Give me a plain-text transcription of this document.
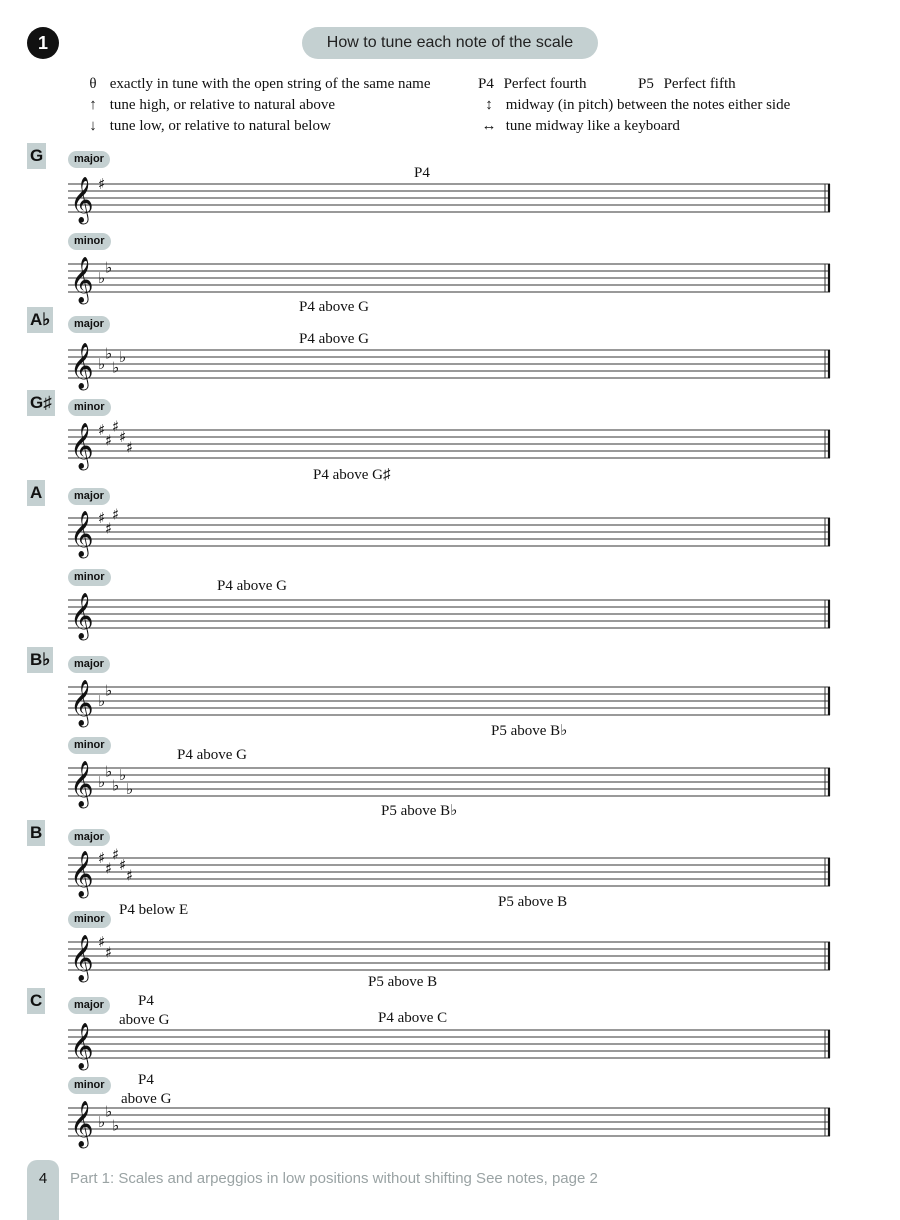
1	How to tune each note of the scale
θ exactly in tune with the open string of the same name
↑ tune high, or relative to natural above
↓ tune low, or relative to natural below
P4 Perfect fourth	P5 Perfect fifth
↕ midway (in pitch) between the notes either side
↔ tune midway like a keyboard
G
A♭
G♯
A
B♭
B
C
major
minor
major
minor
major
minor
major
minor
major
minor
major
minor
𝄞 ♯
𝄞 ♭
♭
𝄞 ♭
♭
♭
♭
𝄞 ♯
♯
♯
♯
♯
𝄞 ♯
♯
♯
𝄞
𝄞 ♭
♭
𝄞 ♭
♭
♭
♭
♭
𝄞 ♯
♯
♯
♯
♯
𝄞 ♯
♯
𝄞
𝄞 ♭
♭
♭
P4
P4 above G
P4 above G
P4 above G♯
P4 above G
P5 above B♭
P4 above G
P5 above B♭
P4 below E	P5 above B
P5 above B
P4
above G	P4 above C
P4
above G
4	Part 1: Scales and arpeggios in low positions without shifting See notes, page 2
